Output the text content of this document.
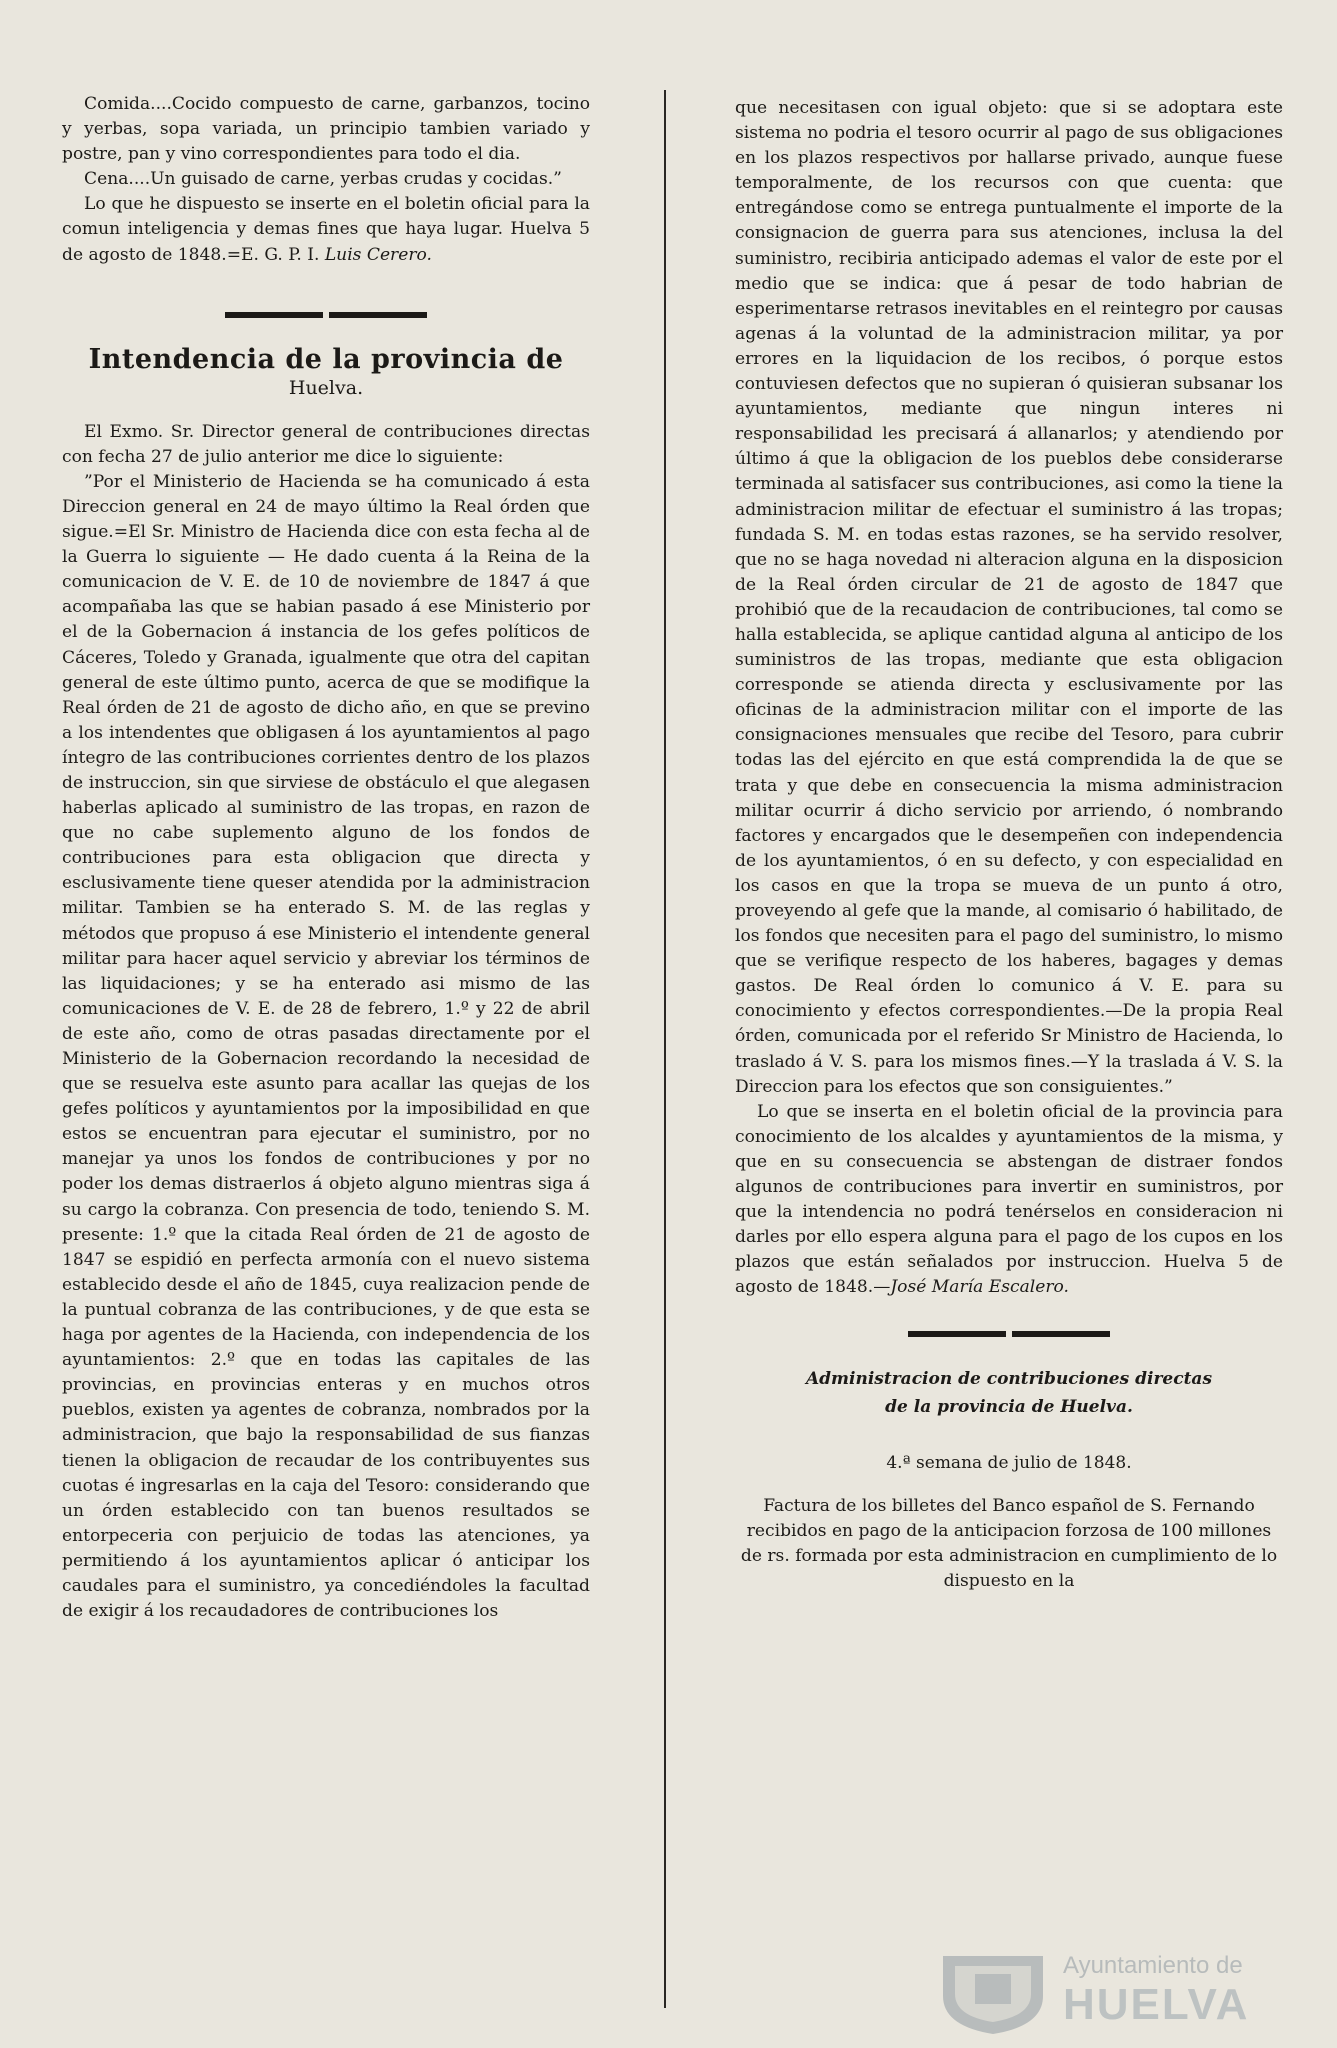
Comida....Cocido compuesto de carne, garbanzos, tocino y yerbas, sopa variada, un principio tambien variado y postre, pan y vino correspondientes para todo el dia.

Cena....Un guisado de carne, yerbas crudas y cocidas.”

Lo que he dispuesto se inserte en el boletin oficial para la comun inteligencia y demas fines que haya lugar. Huelva 5 de agosto de 1848.=E. G. P. I. Luis Cerero.

Intendencia de la provincia de

Huelva.

El Exmo. Sr. Director general de contribuciones directas con fecha 27 de julio anterior me dice lo siguiente:

”Por el Ministerio de Hacienda se ha comunicado á esta Direccion general en 24 de mayo último la Real órden que sigue.=El Sr. Ministro de Hacienda dice con esta fecha al de la Guerra lo siguiente — He dado cuenta á la Reina de la comunicacion de V. E. de 10 de noviembre de 1847 á que acompañaba las que se habian pasado á ese Ministerio por el de la Gobernacion á instancia de los gefes políticos de Cáceres, Toledo y Granada, igualmente que otra del capitan general de este último punto, acerca de que se modifique la Real órden de 21 de agosto de dicho año, en que se previno a los intendentes que obligasen á los ayuntamientos al pago íntegro de las contribuciones corrientes dentro de los plazos de instruccion, sin que sirviese de obstáculo el que alegasen haberlas aplicado al suministro de las tropas, en razon de que no cabe suplemento alguno de los fondos de contribuciones para esta obligacion que directa y esclusivamente tiene queser atendida por la administracion militar. Tambien se ha enterado S. M. de las reglas y métodos que propuso á ese Ministerio el intendente general militar para hacer aquel servicio y abreviar los términos de las liquidaciones; y se ha enterado asi mismo de las comunicaciones de V. E. de 28 de febrero, 1.º y 22 de abril de este año, como de otras pasadas directamente por el Ministerio de la Gobernacion recordando la necesidad de que se resuelva este asunto para acallar las quejas de los gefes políticos y ayuntamientos por la imposibilidad en que estos se encuentran para ejecutar el suministro, por no manejar ya unos los fondos de contribuciones y por no poder los demas distraerlos á objeto alguno mientras siga á su cargo la cobranza. Con presencia de todo, teniendo S. M. presente: 1.º que la citada Real órden de 21 de agosto de 1847 se espidió en perfecta armonía con el nuevo sistema establecido desde el año de 1845, cuya realizacion pende de la puntual cobranza de las contribuciones, y de que esta se haga por agentes de la Hacienda, con independencia de los ayuntamientos: 2.º que en todas las capitales de las provincias, en provincias enteras y en muchos otros pueblos, existen ya agentes de cobranza, nombrados por la administracion, que bajo la responsabilidad de sus fianzas tienen la obligacion de recaudar de los contribuyentes sus cuotas é ingresarlas en la caja del Tesoro: considerando que un órden establecido con tan buenos resultados se entorpeceria con perjuicio de todas las atenciones, ya permitiendo á los ayuntamientos aplicar ó anticipar los caudales para el suministro, ya concediéndoles la facultad de exigir á los recaudadores de contribuciones los

que necesitasen con igual objeto: que si se adoptara este sistema no podria el tesoro ocurrir al pago de sus obligaciones en los plazos respectivos por hallarse privado, aunque fuese temporalmente, de los recursos con que cuenta: que entregándose como se entrega puntualmente el importe de la consignacion de guerra para sus atenciones, inclusa la del suministro, recibiria anticipado ademas el valor de este por el medio que se indica: que á pesar de todo habrian de esperimentarse retrasos inevitables en el reintegro por causas agenas á la voluntad de la administracion militar, ya por errores en la liquidacion de los recibos, ó porque estos contuviesen defectos que no supieran ó quisieran subsanar los ayuntamientos, mediante que ningun interes ni responsabilidad les precisará á allanarlos; y atendiendo por último á que la obligacion de los pueblos debe considerarse terminada al satisfacer sus contribuciones, asi como la tiene la administracion militar de efectuar el suministro á las tropas; fundada S. M. en todas estas razones, se ha servido resolver, que no se haga novedad ni alteracion alguna en la disposicion de la Real órden circular de 21 de agosto de 1847 que prohibió que de la recaudacion de contribuciones, tal como se halla establecida, se aplique cantidad alguna al anticipo de los suministros de las tropas, mediante que esta obligacion corresponde se atienda directa y esclusivamente por las oficinas de la administracion militar con el importe de las consignaciones mensuales que recibe del Tesoro, para cubrir todas las del ejército en que está comprendida la de que se trata y que debe en consecuencia la misma administracion militar ocurrir á dicho servicio por arriendo, ó nombrando factores y encargados que le desempeñen con independencia de los ayuntamientos, ó en su defecto, y con especialidad en los casos en que la tropa se mueva de un punto á otro, proveyendo al gefe que la mande, al comisario ó habilitado, de los fondos que necesiten para el pago del suministro, lo mismo que se verifique respecto de los haberes, bagages y demas gastos. De Real órden lo comunico á V. E. para su conocimiento y efectos correspondientes.—De la propia Real órden, comunicada por el referido Sr Ministro de Hacienda, lo traslado á V. S. para los mismos fines.—Y la traslada á V. S. la Direccion para los efectos que son consiguientes.”

Lo que se inserta en el boletin oficial de la provincia para conocimiento de los alcaldes y ayuntamientos de la misma, y que en su consecuencia se abstengan de distraer fondos algunos de contribuciones para invertir en suministros, por que la intendencia no podrá tenérselos en consideracion ni darles por ello espera alguna para el pago de los cupos en los plazos que están señalados por instruccion. Huelva 5 de agosto de 1848.—José María Escalero.

Administracion de contribuciones directas

de la provincia de Huelva.

4.ª semana de julio de 1848.

Factura de los billetes del Banco español de S. Fernando recibidos en pago de la anticipacion forzosa de 100 millones de rs. formada por esta administracion en cumplimiento de lo dispuesto en la

Ayuntamiento de
HUELVA
